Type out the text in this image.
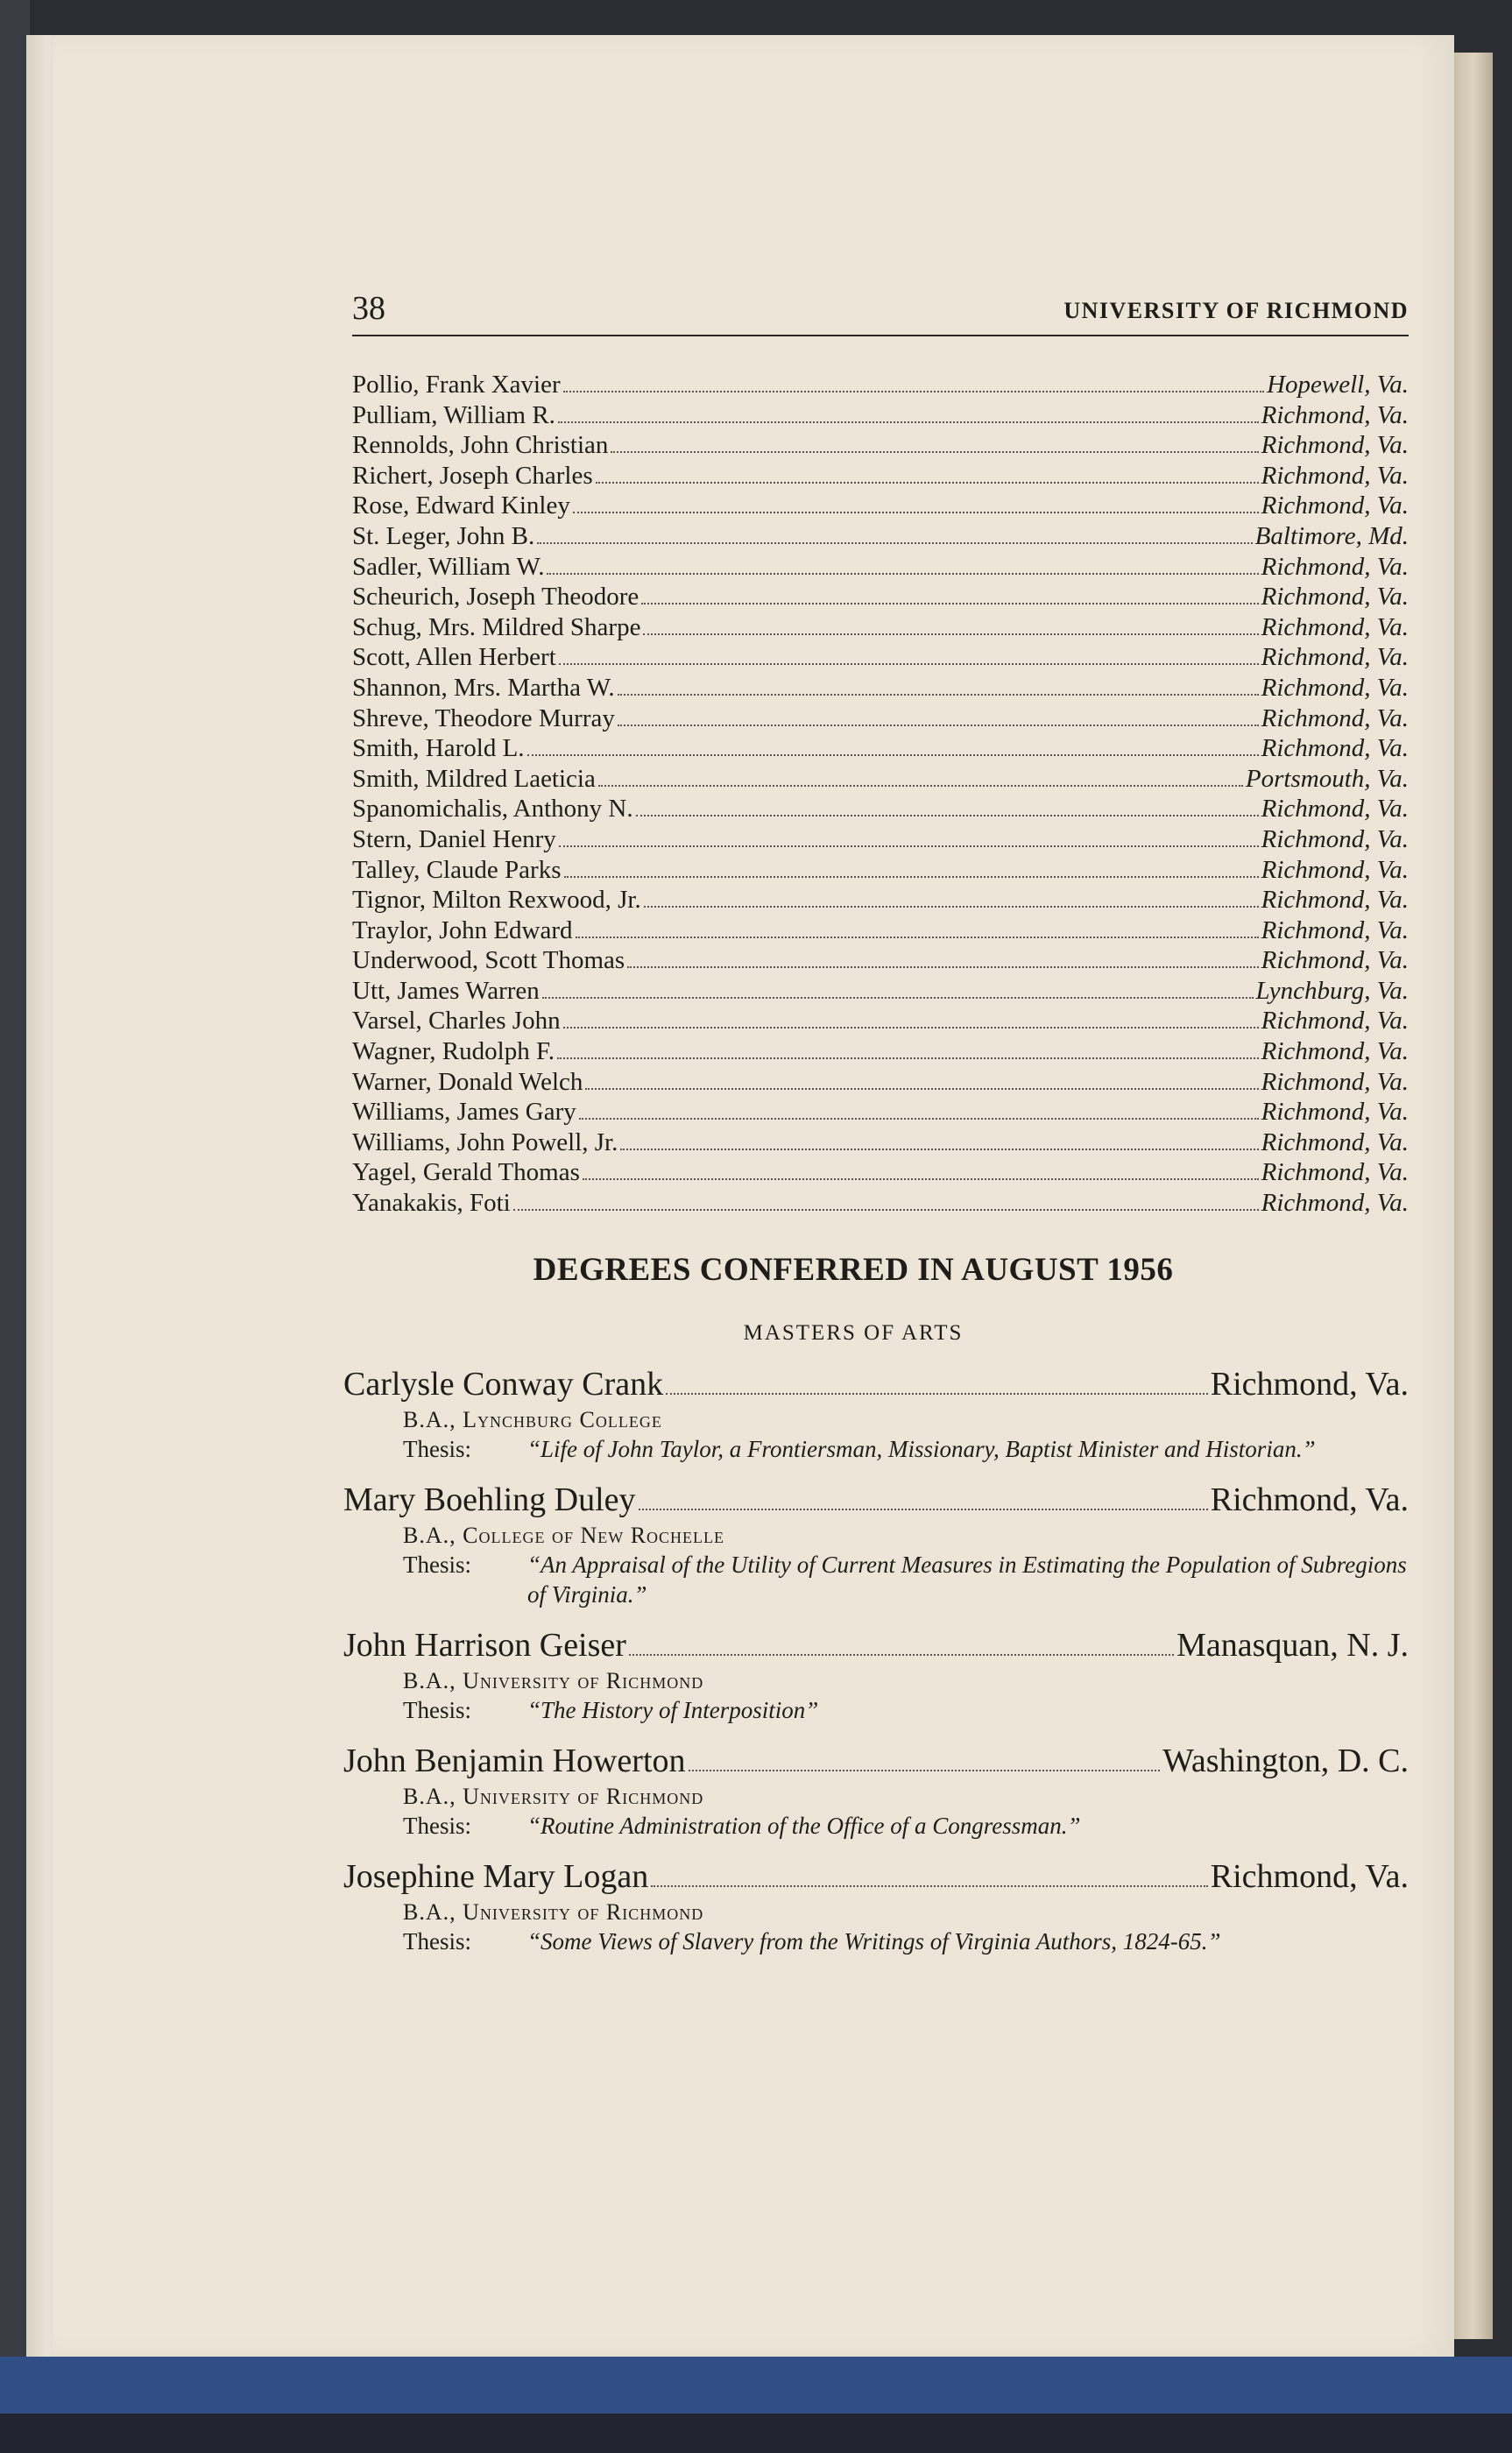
38	UNIVERSITY OF RICHMOND
Pollio, Frank Xavier	Hopewell, Va.
Pulliam, William R.	Richmond, Va.
Rennolds, John Christian	Richmond, Va.
Richert, Joseph Charles	Richmond, Va.
Rose, Edward Kinley	Richmond, Va.
St. Leger, John B.	Baltimore, Md.
Sadler, William W.	Richmond, Va.
Scheurich, Joseph Theodore	Richmond, Va.
Schug, Mrs. Mildred Sharpe	Richmond, Va.
Scott, Allen Herbert	Richmond, Va.
Shannon, Mrs. Martha W.	Richmond, Va.
Shreve, Theodore Murray	Richmond, Va.
Smith, Harold L.	Richmond, Va.
Smith, Mildred Laeticia	Portsmouth, Va.
Spanomichalis, Anthony N.	Richmond, Va.
Stern, Daniel Henry	Richmond, Va.
Talley, Claude Parks	Richmond, Va.
Tignor, Milton Rexwood, Jr.	Richmond, Va.
Traylor, John Edward	Richmond, Va.
Underwood, Scott Thomas	Richmond, Va.
Utt, James Warren	Lynchburg, Va.
Varsel, Charles John	Richmond, Va.
Wagner, Rudolph F.	Richmond, Va.
Warner, Donald Welch	Richmond, Va.
Williams, James Gary	Richmond, Va.
Williams, John Powell, Jr.	Richmond, Va.
Yagel, Gerald Thomas	Richmond, Va.
Yanakakis, Foti	Richmond, Va.
DEGREES CONFERRED IN AUGUST 1956
MASTERS OF ARTS
Carlysle Conway Crank	Richmond, Va.
B.A., Lynchburg College
Thesis:	“Life of John Taylor, a Frontiersman, Missionary, Baptist Minister and Historian.”
Mary Boehling Duley	Richmond, Va.
B.A., College of New Rochelle
Thesis:	“An Appraisal of the Utility of Current Measures in Estimating the Population of Subregions of Virginia.”
John Harrison Geiser	Manasquan, N. J.
B.A., University of Richmond
Thesis:	“The History of Interposition”
John Benjamin Howerton	Washington, D. C.
B.A., University of Richmond
Thesis:	“Routine Administration of the Office of a Congressman.”
Josephine Mary Logan	Richmond, Va.
B.A., University of Richmond
Thesis:	“Some Views of Slavery from the Writings of Virginia Authors, 1824-65.”
